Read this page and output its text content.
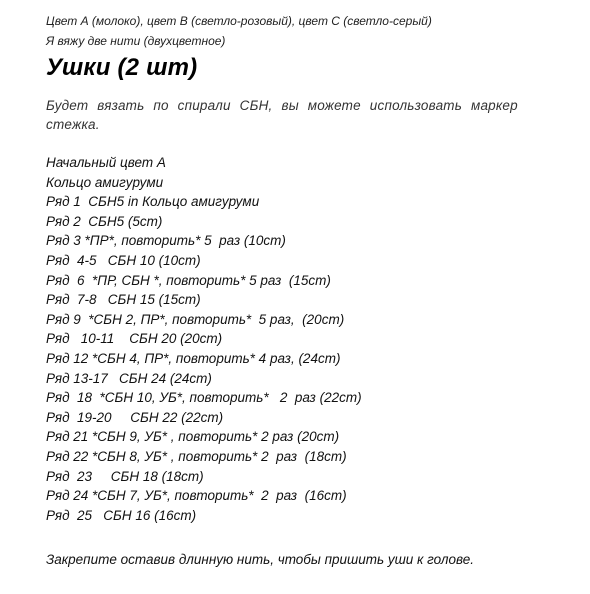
Цвет А (молоко), цвет В (светло-розовый), цвет С (светло-серый)
Я вяжу две нити (двухцветное)
Ушки (2 шт)
Будет вязать по спирали СБН, вы можете использовать маркер
стежка.
Начальный цвет А
Кольцо амигуруми
Ряд 1  СБН5 in Кольцо амигуруми
Ряд 2  СБН5 (5cm)
Ряд 3 *ПР*, повторить* 5  раз (10cm)
Ряд  4-5   СБН 10 (10cm)
Ряд  6  *ПР, СБН *, повторить* 5 раз  (15cm)
Ряд  7-8   СБН 15 (15cm)
Ряд 9  *СБН 2, ПР*, повторить*  5 раз,  (20cm)
Ряд   10-11    СБН 20 (20cm)
Ряд 12 *СБН 4, ПР*, повторить* 4 раз, (24cm)
Ряд 13-17   СБН 24 (24cm)
Ряд  18  *СБН 10, УБ*, повторить*   2  раз (22cm)
Ряд  19-20     СБН 22 (22cm)
Ряд 21 *СБН 9, УБ* , повторить* 2 раз (20cm)
Ряд 22 *СБН 8, УБ* , повторить* 2  раз  (18cm)
Ряд  23     СБН 18 (18cm)
Ряд 24 *СБН 7, УБ*, повторить*  2  раз  (16cm)
Ряд  25   СБН 16 (16cm)
Закрепите оставив длинную нить, чтобы пришить уши к голове.
